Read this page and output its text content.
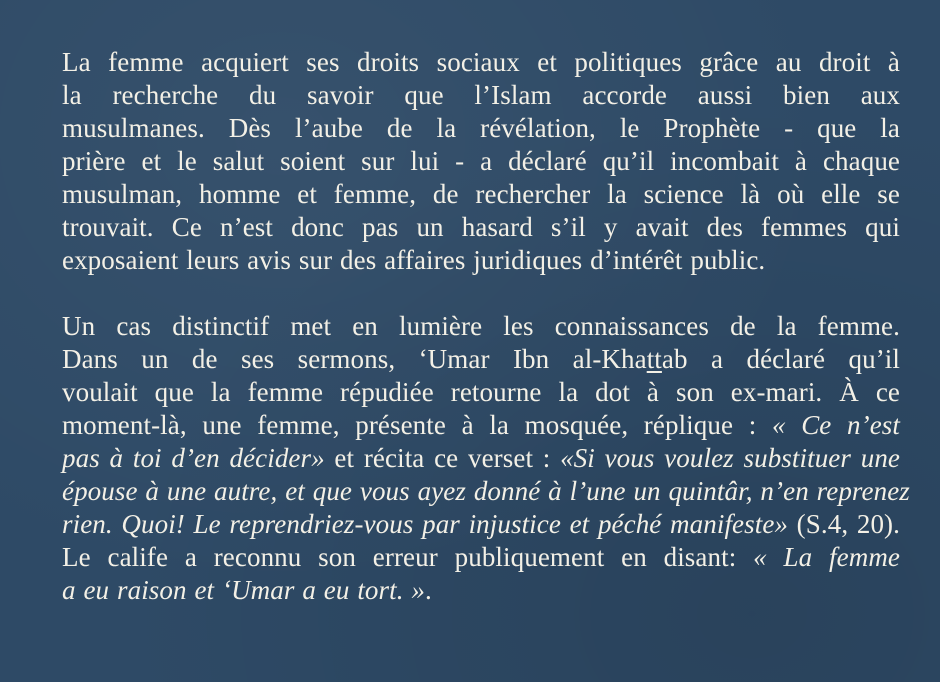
La femme acquiert ses droits sociaux et politiques grâce au droit à
la recherche du savoir que l’Islam accorde aussi bien aux
musulmanes. Dès l’aube de la révélation, le Prophète - que la
prière et le salut soient sur lui - a déclaré qu’il incombait à chaque
musulman, homme et femme, de rechercher la science là où elle se
trouvait. Ce n’est donc pas un hasard s’il y avait des femmes qui
exposaient leurs avis sur des affaires juridiques d’intérêt public.

Un cas distinctif met en lumière les connaissances de la femme.
Dans un de ses sermons, ‘Umar Ibn al-Khattab a déclaré qu’il
voulait que la femme répudiée retourne la dot à son ex-mari. À ce
moment-là, une femme, présente à la mosquée, réplique : « Ce n’est
pas à toi d’en décider» et récita ce verset : «Si vous voulez substituer une
épouse à une autre, et que vous ayez donné à l’une un quintâr, n’en reprenez
rien. Quoi! Le reprendriez-vous par injustice et péché manifeste» (S.4, 20).
Le calife a reconnu son erreur publiquement en disant: « La femme
a eu raison et ‘Umar a eu tort. ».
